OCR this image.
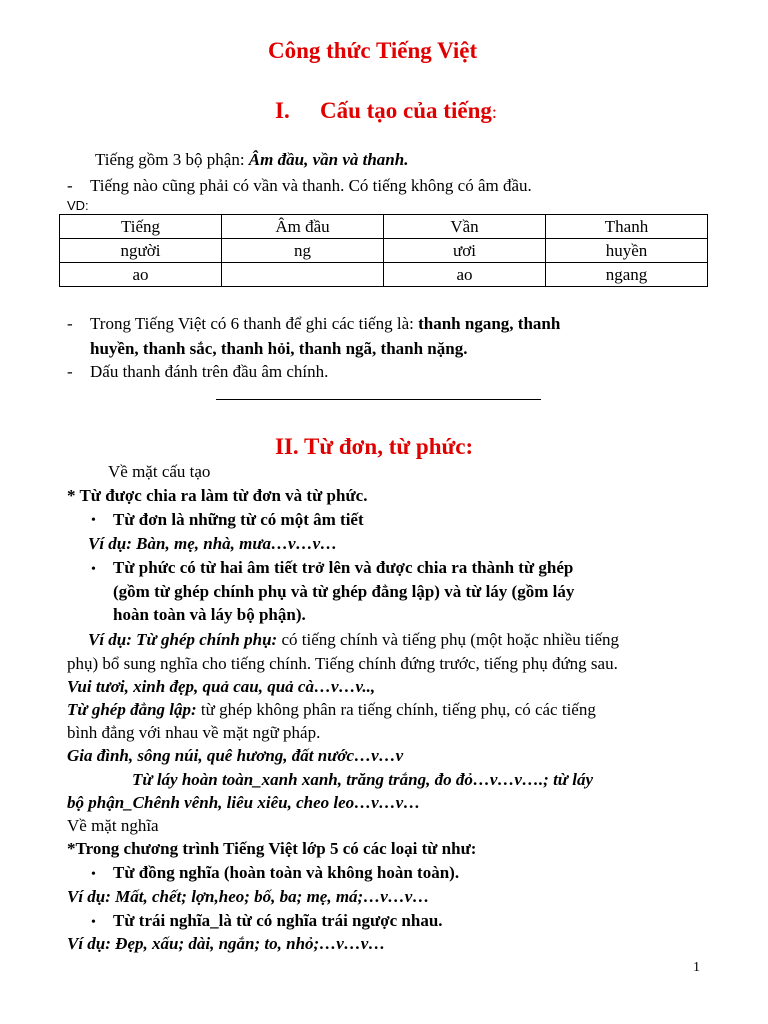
Công thức Tiếng Việt
I. Cấu tạo của tiếng:
Tiếng gồm 3 bộ phận: Âm đầu, vần và thanh.
- Tiếng nào cũng phải có vần và thanh. Có tiếng không có âm đầu.
VD:
Tiếng	Âm đầu	Vần	Thanh
người	ng	ươi	huyền
ao		ao	ngang
- Trong Tiếng Việt có 6 thanh để ghi các tiếng là: thanh ngang, thanh
huyền, thanh sắc, thanh hỏi, thanh ngã, thanh nặng.
- Dấu thanh đánh trên đầu âm chính.
II. Từ đơn, từ phức:
Về mặt cấu tạo
* Từ được chia ra làm từ đơn và từ phức.
• Từ đơn là những từ có một âm tiết
Ví dụ: Bàn, mẹ, nhà, mưa…v…v…
• Từ phức có từ hai âm tiết trở lên và được chia ra thành từ ghép
(gồm từ ghép chính phụ và từ ghép đẳng lập) và từ láy (gồm láy
hoàn toàn và láy bộ phận).
Ví dụ: Từ ghép chính phụ: có tiếng chính và tiếng phụ (một hoặc nhiều tiếng
phụ) bổ sung nghĩa cho tiếng chính. Tiếng chính đứng trước, tiếng phụ đứng sau.
Vui tươi, xinh đẹp, quả cau, quả cà…v…v..,
Từ ghép đẳng lập: từ ghép không phân ra tiếng chính, tiếng phụ, có các tiếng
bình đẳng với nhau về mặt ngữ pháp.
Gia đình, sông núi, quê hương, đất nước…v…v
Từ láy hoàn toàn_xanh xanh, trăng trắng, đo đỏ…v…v….; từ láy
bộ phận_Chênh vênh, liêu xiêu, cheo leo…v…v…
Về mặt nghĩa
*Trong chương trình Tiếng Việt lớp 5 có các loại từ như:
• Từ đồng nghĩa (hoàn toàn và không hoàn toàn).
Ví dụ: Mất, chết; lợn,heo; bố, ba; mẹ, má;…v…v…
• Từ trái nghĩa_là từ có nghĩa trái ngược nhau.
Ví dụ: Đẹp, xấu; dài, ngắn; to, nhỏ;…v…v…
1
